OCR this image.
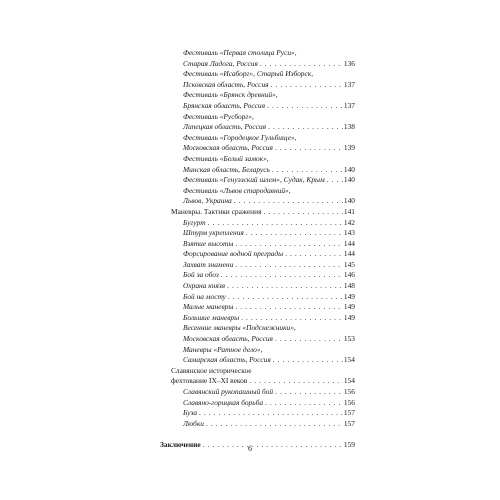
Фестиваль «Первая столица Руси»,
Старая Ладога, Россия . . .	136
Фестиваль «Исаборг», Старый Изборск,
Псковская область, Россия . . .	137
Фестиваль «Брянск древний»,
Брянская область, Россия . . .	137
Фестиваль «Русборг»,
Липецкая область, Россия . . .	138
Фестиваль «Городецкое Гульбище»,
Московская область, Россия . . .	139
Фестиваль «Белый замок»,
Минская область, Беларусь . . .	140
Фестиваль «Генуэзский шлем», Судак, Крым . . .	140
Фестиваль «Львов стародавний»,
Львов, Украина . . .	140
Маневры. Тактики сражения . . .	141
Бугурт . . .	142
Штурм укрепления . . .	143
Взятие высоты . . .	144
Форсирование водной преграды . . .	144
Захват знамени . . .	145
Бой за обоз . . .	146
Охрана князя . . .	148
Бой на мосту . . .	149
Малые маневры . . .	149
Большие маневры . . .	149
Весенние маневры «Подснежники»,
Московская область, Россия . . .	153
Маневры «Ратное дело»,
Самарская область, Россия . . .	154
Славянское историческое
фехтование IX–XI веков . . .	154
Славянский рукопашный бой . . .	156
Славяно-горицкая борьба . . .	156
Буза . . .	157
Любки . . .	157
Заключение . . .	159
6
